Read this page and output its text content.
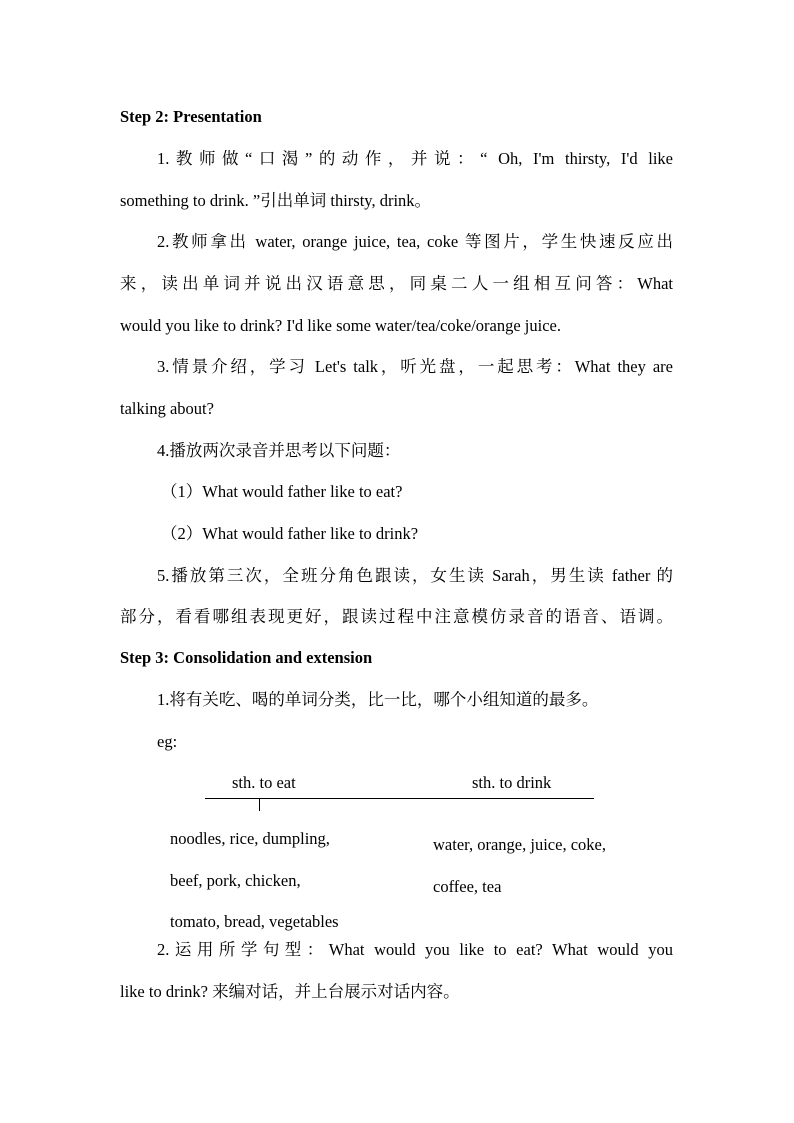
Step 2: Presentation
1.教师做“口渴”的动作，并说：“ Oh, I'm thirsty, I'd like
something to drink. ”引出单词 thirsty, drink。
2.教师拿出 water, orange juice, tea, coke 等图片，学生快速反应出
来，读出单词并说出汉语意思，同桌二人一组相互问答：What
would you like to drink? I'd like some water/tea/coke/orange juice.
3.情景介绍，学习 Let's talk，听光盘，一起思考：What they are
talking about?
4.播放两次录音并思考以下问题：
（1）What would father like to eat?
（2）What would father like to drink?
5.播放第三次，全班分角色跟读，女生读 Sarah，男生读 father 的
部分，看看哪组表现更好，跟读过程中注意模仿录音的语音、语调。
Step 3: Consolidation and extension
1.将有关吃、喝的单词分类，比一比，哪个小组知道的最多。
eg:
sth. to eat	sth. to drink
noodles, rice, dumpling,
beef, pork, chicken,
tomato, bread, vegetables
water, orange, juice, coke,
coffee, tea
2.运用所学句型：What would you like to eat? What would you
like to drink? 来编对话，并上台展示对话内容。
